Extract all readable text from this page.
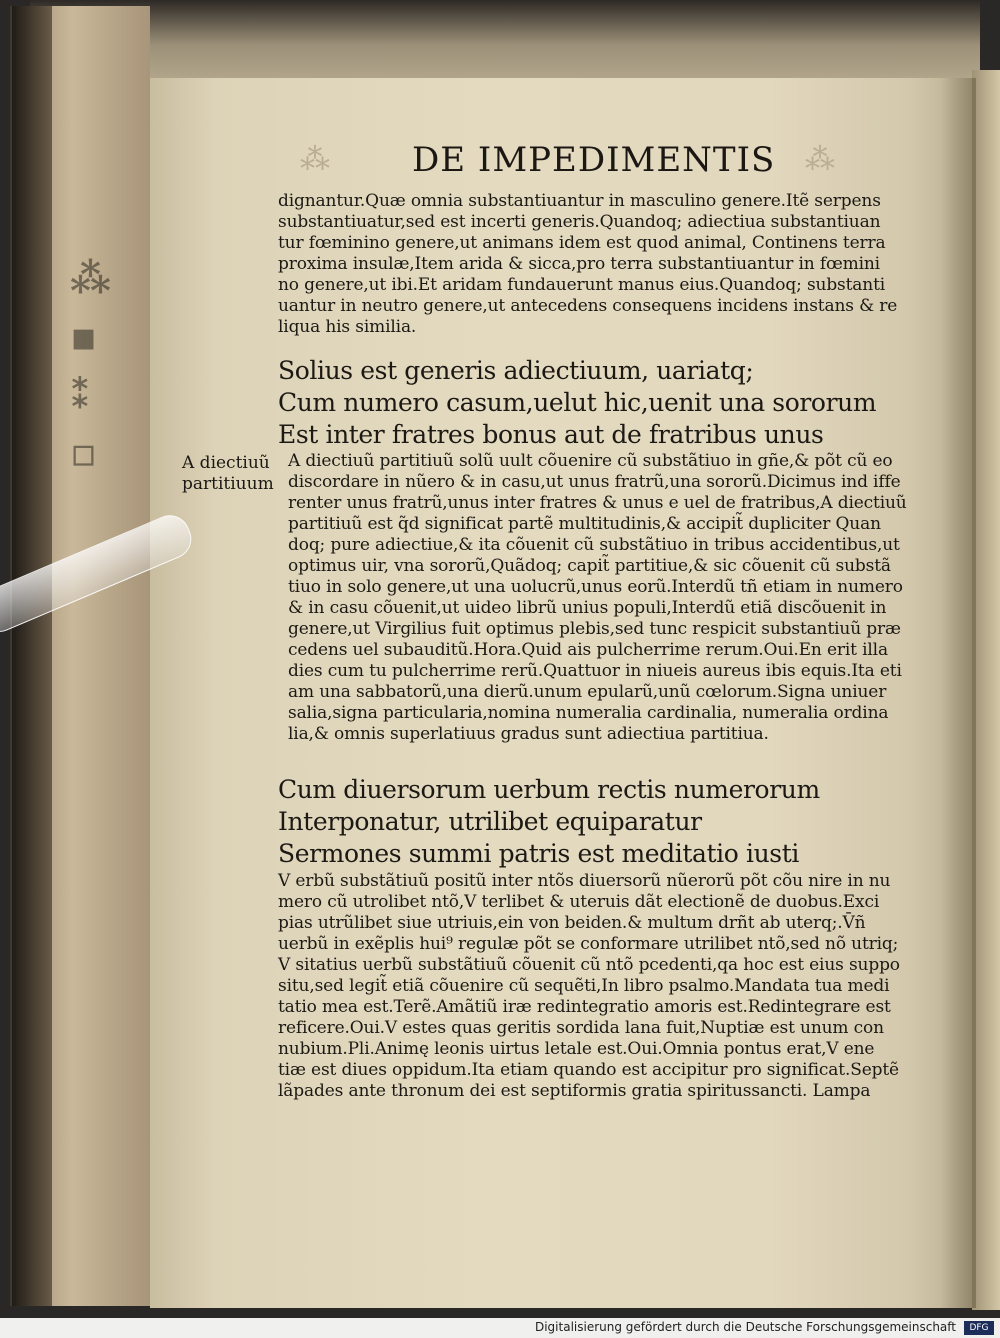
⁂
▪
⁑
▫
⁂	⁂
DE IMPEDIMENTIS
dignantur.Quæ omnia substantiuantur in masculino genere.Itẽ serpens
substantiuatur,sed est incerti generis.Quandoq; adiectiua substantiuan
tur fœminino genere,ut animans idem est quod animal, Continens terra
proxima insulæ,Item arida & sicca,pro terra substantiuantur in fœmini
no genere,ut ibi.Et aridam fundauerunt manus eius.Quandoq; substanti
uantur in neutro genere,ut antecedens consequens incidens instans & re
liqua his similia.
Solius est generis adiectiuum, uariatq;
Cum numero casum,uelut hic,uenit una sororum
Est inter fratres bonus aut de fratribus unus
A diectiuũ partitiuum
A diectiuũ partitiuũ solũ uult cõuenire cũ substãtiuo in gñe,& põt cũ eo
discordare in nũero & in casu,ut unus fratrũ,una sororũ.Dicimus ind iffe
renter unus fratrũ,unus inter fratres & unus e uel de fratribus,A diectiuũ
partitiuũ est q̃d significat partẽ multitudinis,& accipit̃ dupliciter Quan
doq; pure adiectiue,& ita cõuenit cũ substãtiuo in tribus accidentibus,ut
optimus uir, vna sororũ,Quãdoq; capit̃ partitiue,& sic cõuenit cũ substã
tiuo in solo genere,ut una uolucrũ,unus eorũ.Interdũ tñ etiam in numero
& in casu cõuenit,ut uideo librũ unius populi,Interdũ etiã discõuenit in
genere,ut Virgilius fuit optimus plebis,sed tunc respicit substantiuũ præ
cedens uel subauditũ.Hora.Quid ais pulcherrime rerum.Oui.En erit illa
dies cum tu pulcherrime rerũ.Quattuor in niueis aureus ibis equis.Ita eti
am una sabbatorũ,una dierũ.unum epularũ,unũ cœlorum.Signa uniuer
salia,signa particularia,nomina numeralia cardinalia, numeralia ordina
lia,& omnis superlatiuus gradus sunt adiectiua partitiua.
Cum diuersorum uerbum rectis numerorum
Interponatur, utrilibet equiparatur
Sermones summi patris est meditatio iusti
V erbũ substãtiuũ positũ inter ntõs diuersorũ nũerorũ põt cõu nire in nu
mero cũ utrolibet ntõ,V terlibet & uteruis dãt electionẽ de duobus.Exci
pias utrũlibet siue utriuis,ein von beiden.& multum drñt ab uterq;.V̄ñ
uerbũ in exẽplis hui⁹ regulæ põt se conformare utrilibet ntõ,sed nõ utriq;
V sitatius uerbũ substãtiuũ cõuenit cũ ntõ pcedenti,qa hoc est eius suppo
situ,sed legit̃ etiã cõuenire cũ sequẽti,In libro psalmo.Mandata tua medi
tatio mea est.Terẽ.Amãtiũ iræ redintegratio amoris est.Redintegrare est
reficere.Oui.V estes quas geritis sordida lana fuit,Nuptiæ est unum con
nubium.Pli.Animę leonis uirtus letale est.Oui.Omnia pontus erat,V ene
tiæ est diues oppidum.Ita etiam quando est accipitur pro significat.Septẽ
lãpades ante thronum dei est septiformis gratia spiritussancti. Lampa
Digitalisierung gefördert durch die Deutsche Forschungsgemeinschaft	DFG
